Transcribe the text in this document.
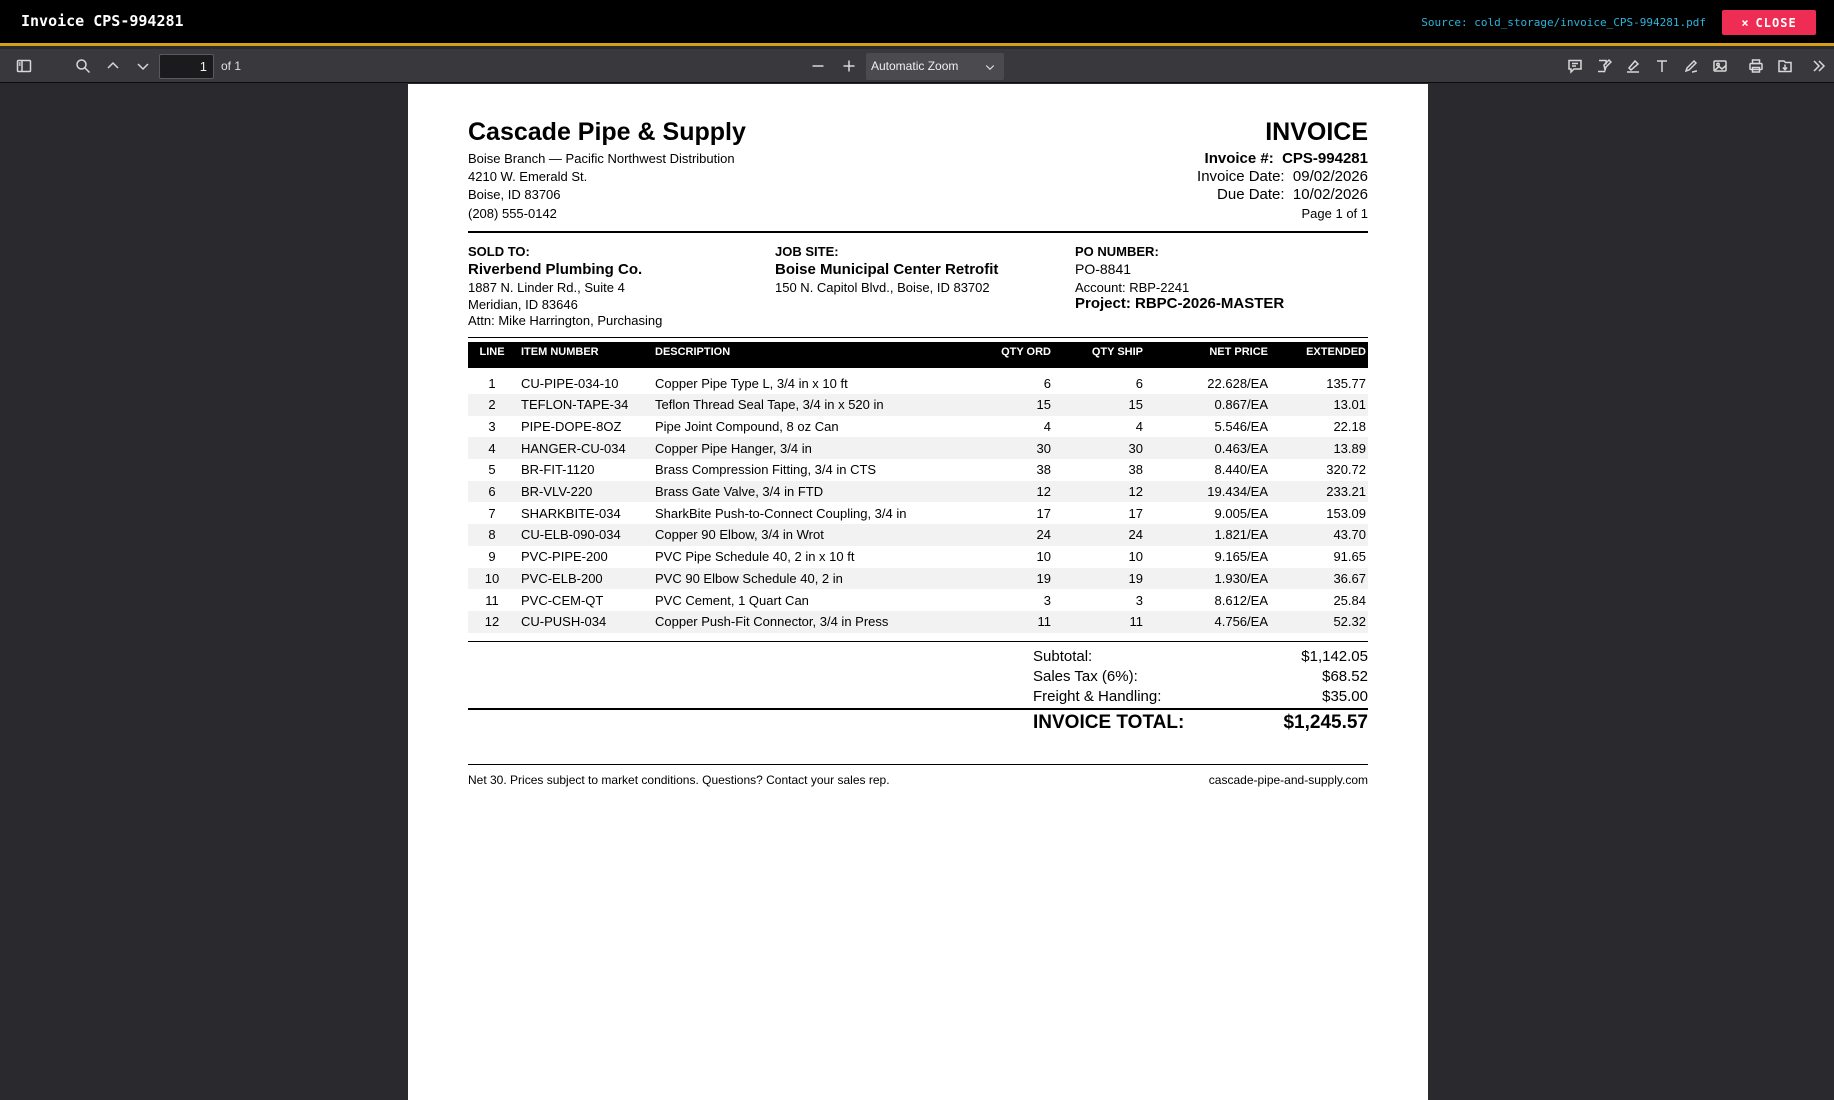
Invoice CPS-994281	Source: cold_storage/invoice_CPS-994281.pdf	× CLOSE
1	of 1	Automatic Zoom
Cascade Pipe & Supply
Boise Branch — Pacific Northwest Distribution
4210 W. Emerald St.
Boise, ID 83706
(208) 555-0142
INVOICE
Invoice #: CPS-994281
Invoice Date: 09/02/2026
Due Date: 10/02/2026
Page 1 of 1
SOLD TO:
Riverbend Plumbing Co.
1887 N. Linder Rd., Suite 4
Meridian, ID 83646
Attn: Mike Harrington, Purchasing
JOB SITE:
Boise Municipal Center Retrofit
150 N. Capitol Blvd., Boise, ID 83702
PO NUMBER:
PO-8841
Account: RBP-2241
Project: RBPC-2026-MASTER
LINE	ITEM NUMBER	DESCRIPTION	QTY ORD	QTY SHIP	NET PRICE	EXTENDED
1	CU-PIPE-034-10	Copper Pipe Type L, 3/4 in x 10 ft	6	6	22.628/EA	135.77
2	TEFLON-TAPE-34	Teflon Thread Seal Tape, 3/4 in x 520 in	15	15	0.867/EA	13.01
3	PIPE-DOPE-8OZ	Pipe Joint Compound, 8 oz Can	4	4	5.546/EA	22.18
4	HANGER-CU-034	Copper Pipe Hanger, 3/4 in	30	30	0.463/EA	13.89
5	BR-FIT-1120	Brass Compression Fitting, 3/4 in CTS	38	38	8.440/EA	320.72
6	BR-VLV-220	Brass Gate Valve, 3/4 in FTD	12	12	19.434/EA	233.21
7	SHARKBITE-034	SharkBite Push-to-Connect Coupling, 3/4 in	17	17	9.005/EA	153.09
8	CU-ELB-090-034	Copper 90 Elbow, 3/4 in Wrot	24	24	1.821/EA	43.70
9	PVC-PIPE-200	PVC Pipe Schedule 40, 2 in x 10 ft	10	10	9.165/EA	91.65
10	PVC-ELB-200	PVC 90 Elbow Schedule 40, 2 in	19	19	1.930/EA	36.67
11	PVC-CEM-QT	PVC Cement, 1 Quart Can	3	3	8.612/EA	25.84
12	CU-PUSH-034	Copper Push-Fit Connector, 3/4 in Press	11	11	4.756/EA	52.32
Subtotal:	$1,142.05
Sales Tax (6%):	$68.52
Freight & Handling:	$35.00
INVOICE TOTAL:	$1,245.57
Net 30. Prices subject to market conditions. Questions? Contact your sales rep.	cascade-pipe-and-supply.com
